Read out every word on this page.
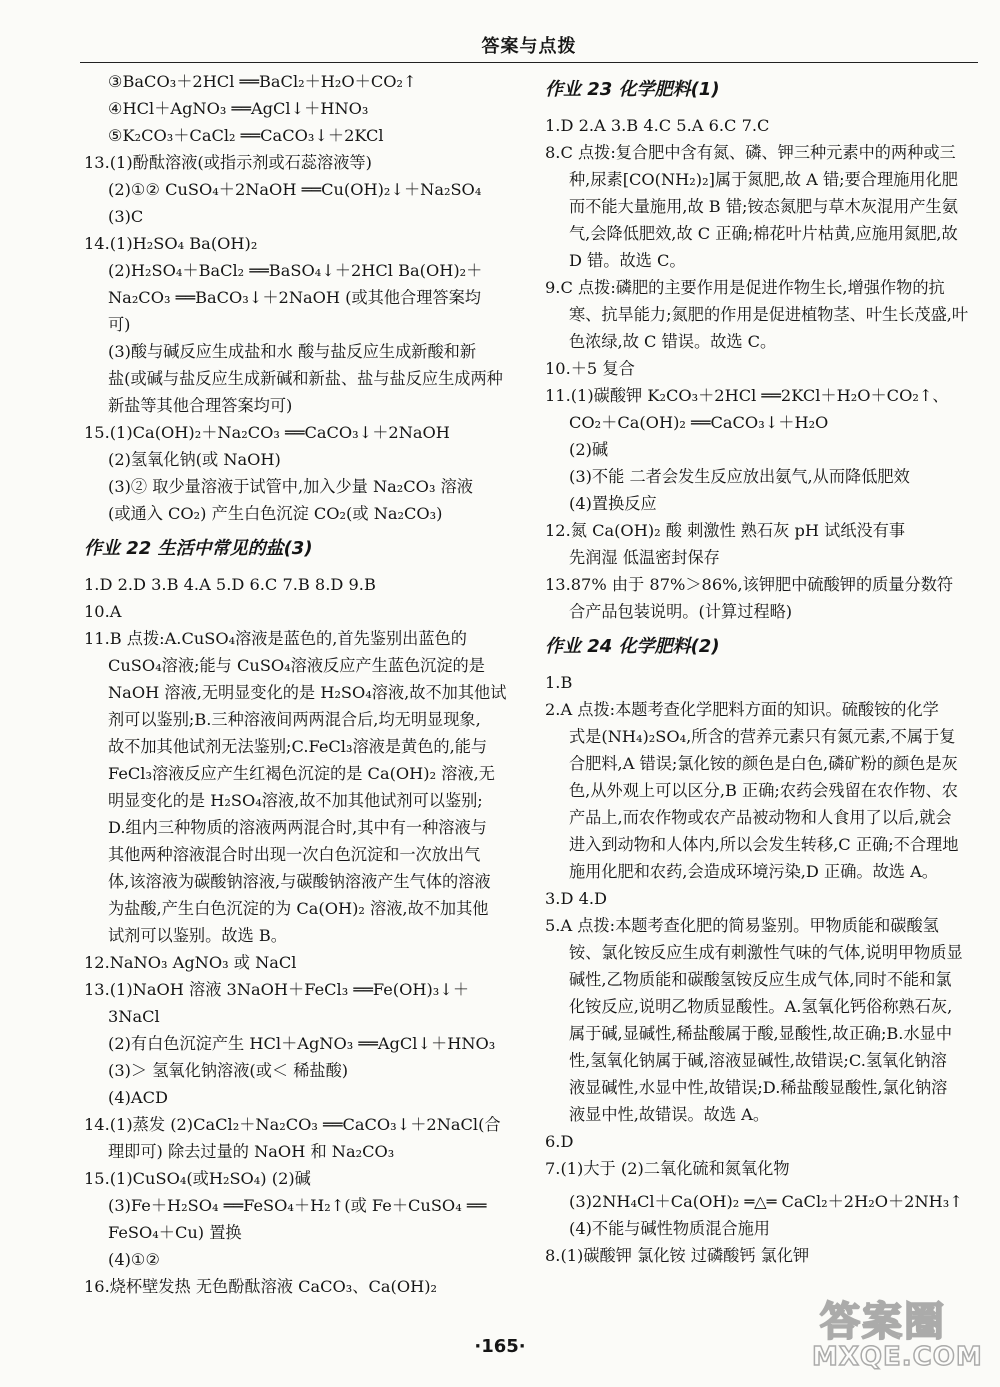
答案与点拨
③BaCO₃＋2HCl ══BaCl₂＋H₂O＋CO₂↑
④HCl＋AgNO₃ ══AgCl↓＋HNO₃
⑤K₂CO₃＋CaCl₂ ══CaCO₃↓＋2KCl
13.(1)酚酞溶液(或指示剂或石蕊溶液等)
(2)①② CuSO₄＋2NaOH ══Cu(OH)₂↓＋Na₂SO₄
(3)C
14.(1)H₂SO₄ Ba(OH)₂
(2)H₂SO₄＋BaCl₂ ══BaSO₄↓＋2HCl Ba(OH)₂＋
Na₂CO₃ ══BaCO₃↓＋2NaOH (或其他合理答案均
可)
(3)酸与碱反应生成盐和水 酸与盐反应生成新酸和新
盐(或碱与盐反应生成新碱和新盐、盐与盐反应生成两种
新盐等其他合理答案均可)
15.(1)Ca(OH)₂＋Na₂CO₃ ══CaCO₃↓＋2NaOH
(2)氢氧化钠(或 NaOH)
(3)② 取少量溶液于试管中,加入少量 Na₂CO₃ 溶液
(或通入 CO₂) 产生白色沉淀 CO₂(或 Na₂CO₃)
作业 22 生活中常见的盐(3)
1.D 2.D 3.B 4.A 5.D 6.C 7.B 8.D 9.B
10.A
11.B 点拨:A.CuSO₄溶液是蓝色的,首先鉴别出蓝色的
CuSO₄溶液;能与 CuSO₄溶液反应产生蓝色沉淀的是
NaOH 溶液,无明显变化的是 H₂SO₄溶液,故不加其他试
剂可以鉴别;B.三种溶液间两两混合后,均无明显现象,
故不加其他试剂无法鉴别;C.FeCl₃溶液是黄色的,能与
FeCl₃溶液反应产生红褐色沉淀的是 Ca(OH)₂ 溶液,无
明显变化的是 H₂SO₄溶液,故不加其他试剂可以鉴别;
D.组内三种物质的溶液两两混合时,其中有一种溶液与
其他两种溶液混合时出现一次白色沉淀和一次放出气
体,该溶液为碳酸钠溶液,与碳酸钠溶液产生气体的溶液
为盐酸,产生白色沉淀的为 Ca(OH)₂ 溶液,故不加其他
试剂可以鉴别。故选 B。
12.NaNO₃ AgNO₃ 或 NaCl
13.(1)NaOH 溶液 3NaOH＋FeCl₃ ══Fe(OH)₃↓＋
3NaCl
(2)有白色沉淀产生 HCl＋AgNO₃ ══AgCl↓＋HNO₃
(3)＞ 氢氧化钠溶液(或＜ 稀盐酸)
(4)ACD
14.(1)蒸发 (2)CaCl₂＋Na₂CO₃ ══CaCO₃↓＋2NaCl(合
理即可) 除去过量的 NaOH 和 Na₂CO₃
15.(1)CuSO₄(或H₂SO₄) (2)碱
(3)Fe＋H₂SO₄ ══FeSO₄＋H₂↑(或 Fe＋CuSO₄ ══
FeSO₄＋Cu) 置换
(4)①②
16.烧杯壁发热 无色酚酞溶液 CaCO₃、Ca(OH)₂
作业 23 化学肥料(1)
1.D 2.A 3.B 4.C 5.A 6.C 7.C
8.C 点拨:复合肥中含有氮、磷、钾三种元素中的两种或三
种,尿素[CO(NH₂)₂]属于氮肥,故 A 错;要合理施用化肥
而不能大量施用,故 B 错;铵态氮肥与草木灰混用产生氨
气,会降低肥效,故 C 正确;棉花叶片枯黄,应施用氮肥,故
D 错。故选 C。
9.C 点拨:磷肥的主要作用是促进作物生长,增强作物的抗
寒、抗旱能力;氮肥的作用是促进植物茎、叶生长茂盛,叶
色浓绿,故 C 错误。故选 C。
10.＋5 复合
11.(1)碳酸钾 K₂CO₃＋2HCl ══2KCl＋H₂O＋CO₂↑、
CO₂＋Ca(OH)₂ ══CaCO₃↓＋H₂O
(2)碱
(3)不能 二者会发生反应放出氨气,从而降低肥效
(4)置换反应
12.氮 Ca(OH)₂ 酸 刺激性 熟石灰 pH 试纸没有事
先润湿 低温密封保存
13.87% 由于 87%＞86%,该钾肥中硫酸钾的质量分数符
合产品包装说明。(计算过程略)
作业 24 化学肥料(2)
1.B
2.A 点拨:本题考查化学肥料方面的知识。硫酸铵的化学
式是(NH₄)₂SO₄,所含的营养元素只有氮元素,不属于复
合肥料,A 错误;氯化铵的颜色是白色,磷矿粉的颜色是灰
色,从外观上可以区分,B 正确;农药会残留在农作物、农
产品上,而农作物或农产品被动物和人食用了以后,就会
进入到动物和人体内,所以会发生转移,C 正确;不合理地
施用化肥和农药,会造成环境污染,D 正确。故选 A。
3.D 4.D
5.A 点拨:本题考查化肥的简易鉴别。甲物质能和碳酸氢
铵、氯化铵反应生成有刺激性气味的气体,说明甲物质显
碱性,乙物质能和碳酸氢铵反应生成气体,同时不能和氯
化铵反应,说明乙物质显酸性。A.氢氧化钙俗称熟石灰,
属于碱,显碱性,稀盐酸属于酸,显酸性,故正确;B.水显中
性,氢氧化钠属于碱,溶液显碱性,故错误;C.氢氧化钠溶
液显碱性,水显中性,故错误;D.稀盐酸显酸性,氯化钠溶
液显中性,故错误。故选 A。
6.D
7.(1)大于 (2)二氧化硫和氮氧化物
(3)2NH₄Cl＋Ca(OH)₂ ═△═ CaCl₂＋2H₂O＋2NH₃↑
(4)不能与碱性物质混合施用
8.(1)碳酸钾 氯化铵 过磷酸钙 氯化钾
·165·
答案圈
MXQE.COM
